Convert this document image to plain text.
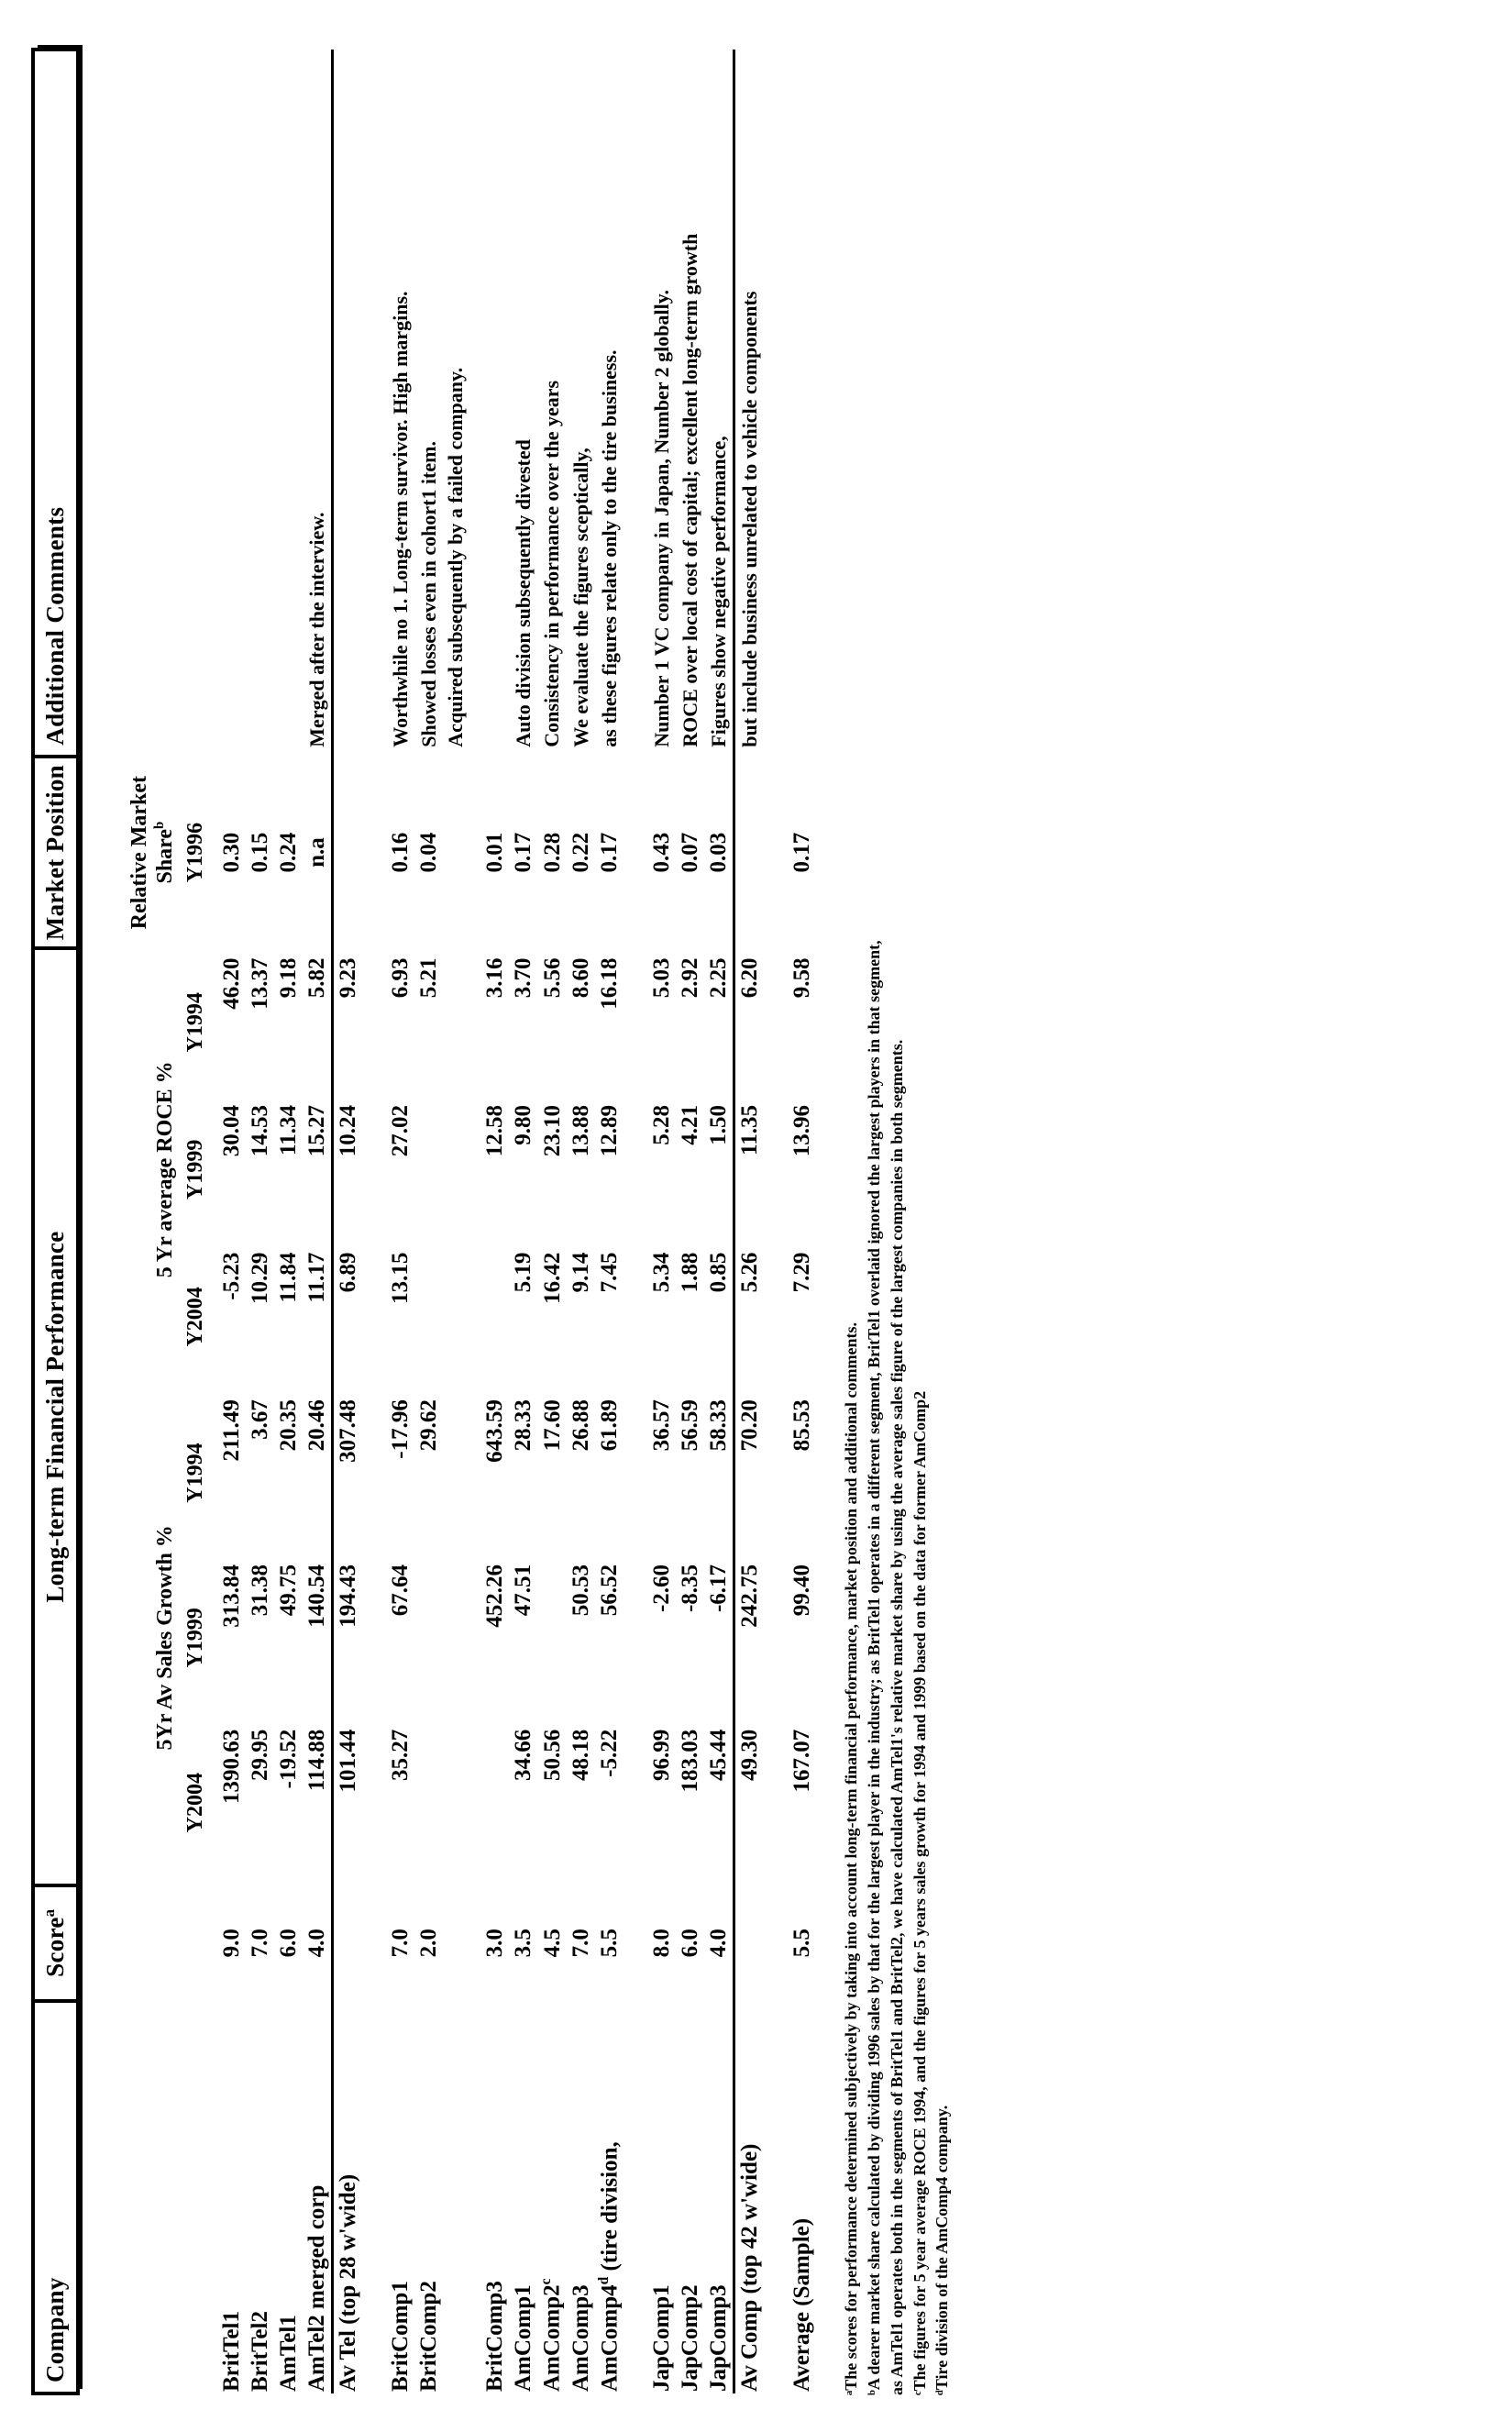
Company	Score$^a$	Long-term Financial Performance						Market Position	Additional Comments

		5Yr Av Sales Growth %			5 Yr average ROCE %			Relative Market
Share$^b$	
		Y2004	Y1999	Y1994	Y2004	Y1999	Y1994	Y1996	
BritTel1	9.0	1390.63	313.84	211.49	-5.23	30.04	46.20	0.30	
BritTel2	7.0	29.95	31.38	3.67	10.29	14.53	13.37	0.15	
AmTel1	6.0	-19.52	49.75	20.35	11.84	11.34	9.18	0.24	
AmTel2 merged corp	4.0	114.88	140.54	20.46	11.17	15.27	5.82	n.a	Merged after the interview.
Av Tel (top 28 w'wide)		101.44	194.43	307.48	6.89	10.24	9.23		

BritComp1	7.0	35.27	67.64	-17.96	13.15	27.02	6.93	0.16	Worthwhile no 1. Long-term survivor. High margins.
BritComp2	2.0			29.62			5.21	0.04	Showed losses even in cohort1 item.
									Acquired subsequently by a failed company.

BritComp3	3.0		452.26	643.59		12.58	3.16	0.01	
AmComp1	3.5	34.66	47.51	28.33	5.19	9.80	3.70	0.17	Auto division subsequently divested
AmComp2$^c$	4.5	50.56		17.60	16.42	23.10	5.56	0.28	Consistency in performance over the years
AmComp3	7.0	48.18	50.53	26.88	9.14	13.88	8.60	0.22	We evaluate the figures sceptically,
AmComp4$^d$ (tire division,	5.5	-5.22	56.52	61.89	7.45	12.89	16.18	0.17	as these figures relate only to the tire business.

JapComp1	8.0	96.99	-2.60	36.57	5.34	5.28	5.03	0.43	Number 1 VC company in Japan, Number 2 globally.
JapComp2	6.0	183.03	-8.35	56.59	1.88	4.21	2.92	0.07	ROCE over local cost of capital; excellent long-term growth
JapComp3	4.0	45.44	-6.17	58.33	0.85	1.50	2.25	0.03	Figures show negative performance,
Av Comp (top 42 w'wide)		49.30	242.75	70.20	5.26	11.35	6.20		but include business unrelated to vehicle components

Average (Sample)	5.5	167.07	99.40	85.53	7.29	13.96	9.58	0.17	
ᵃThe scores for performance determined subjectively by taking into account long-term financial performance, market position and additional comments. ᵇA dearer market share calculated by dividing 1996 sales by that for the largest player in the industry; as BritTel1 operates in a different segment, BritTel1 overlaid ignored the largest players in that segment, as AmTel1 operates both in the segments of BritTel1 and BritTel2, we have calculated AmTel1's relative market share by using the average sales figure of the largest companies in both segments. ᶜThe figures for 5 year average ROCE 1994, and the figures for 5 years sales growth for 1994 and 1999 based on the data for former AmComp2 ᵈTire division of the AmComp4 company.
